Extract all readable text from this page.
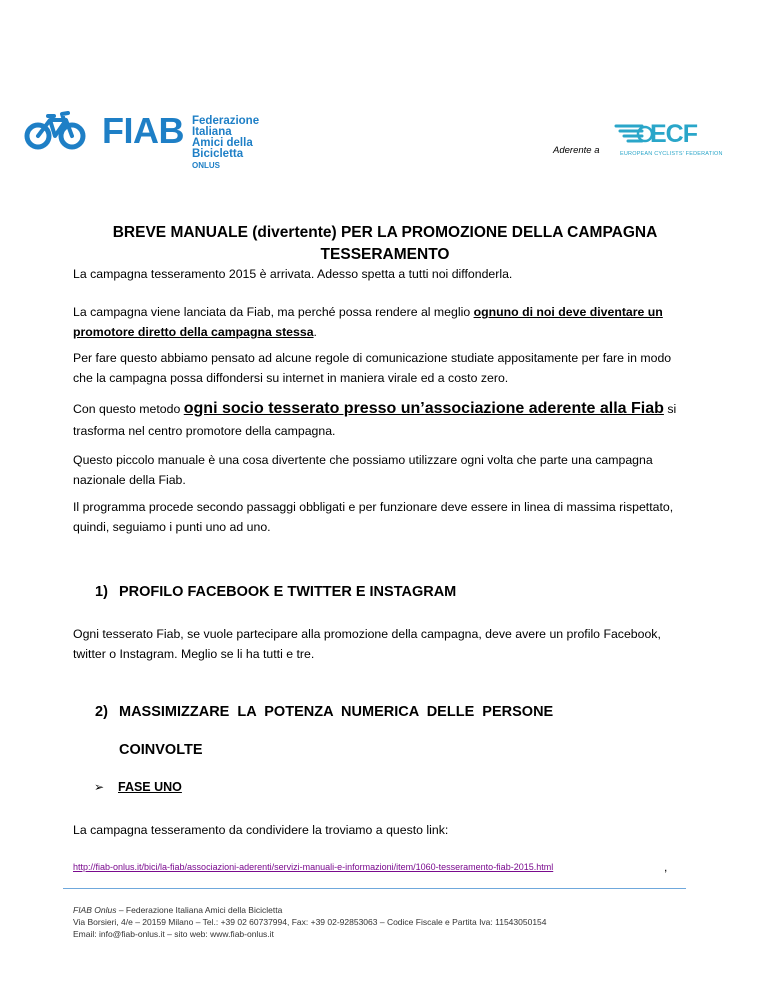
FIAB Federazione Italiana
Amici della Bicicletta
ONLUS
Aderente a
ECF
EUROPEAN CYCLISTS' FEDERATION
BREVE MANUALE (divertente) PER LA PROMOZIONE DELLA CAMPAGNA
TESSERAMENTO
La campagna tesseramento 2015 è arrivata. Adesso spetta a tutti noi diffonderla.
La campagna viene lanciata da Fiab, ma perché possa rendere al meglio ognuno di noi deve diventare un promotore diretto della campagna stessa.
Per fare questo abbiamo pensato ad alcune regole di comunicazione studiate appositamente per fare in modo che la campagna possa diffondersi su internet in maniera virale ed a costo zero.
Con questo metodo ogni socio tesserato presso un’associazione aderente alla Fiab si trasforma nel centro promotore della campagna.
Questo piccolo manuale è una cosa divertente che possiamo utilizzare ogni volta che parte una campagna nazionale della Fiab.
Il programma procede secondo passaggi obbligati e per funzionare deve essere in linea di massima rispettato, quindi, seguiamo i punti uno ad uno.
1) PROFILO FACEBOOK E TWITTER E INSTAGRAM
Ogni tesserato Fiab, se vuole partecipare alla promozione della campagna, deve avere un profilo Facebook, twitter o Instagram. Meglio se li ha tutti e tre.
2) MASSIMIZZARE  LA  POTENZA  NUMERICA  DELLE  PERSONE
COINVOLTE
➢ FASE UNO
La campagna tesseramento da condividere la troviamo a questo link:
http://fiab-onlus.it/bici/la-fiab/associazioni-aderenti/servizi-manuali-e-informazioni/item/1060-tesseramento-fiab-2015.html	,
FIAB Onlus – Federazione Italiana Amici della Bicicletta
Via Borsieri, 4/e – 20159 Milano – Tel.: +39 02 60737994, Fax: +39 02-92853063 – Codice Fiscale e Partita Iva: 11543050154
Email: info@fiab-onlus.it – sito web: www.fiab-onlus.it
